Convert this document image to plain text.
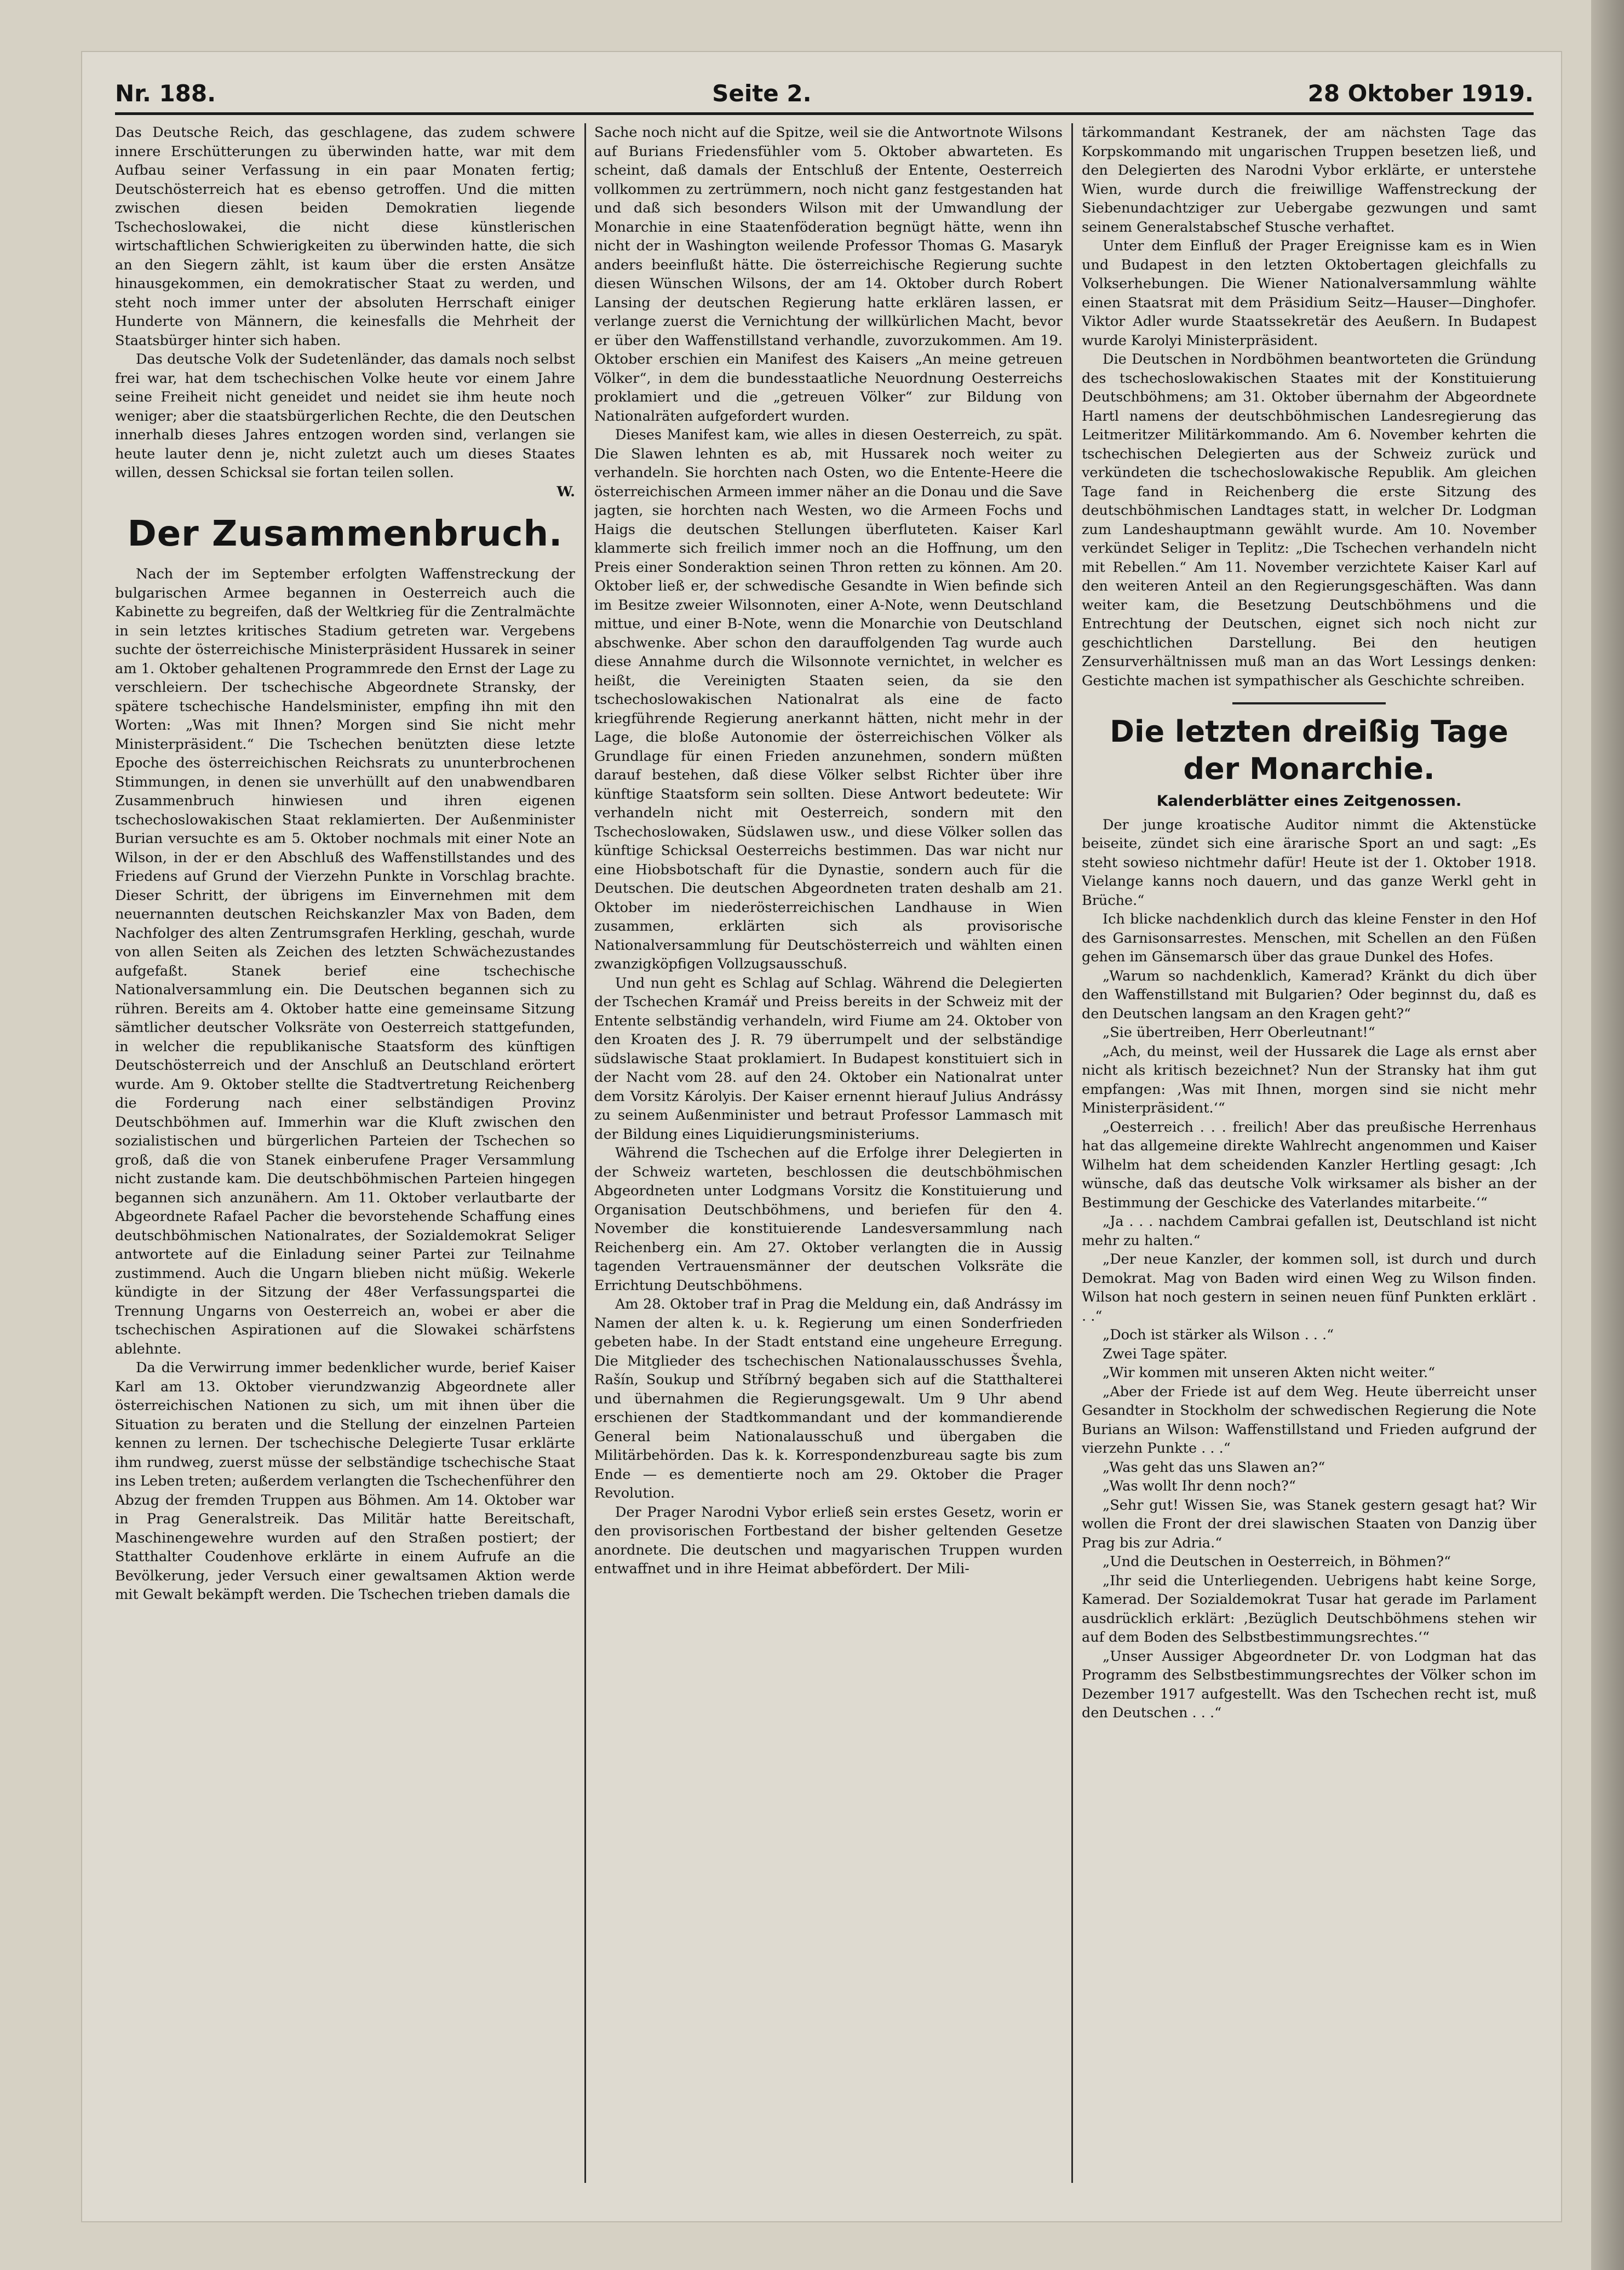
Nr. 188.	Seite 2.	28 Oktober 1919.

Das Deutsche Reich, das geschlagene, das zudem schwere innere Erschütterungen zu überwinden hatte, war mit dem Aufbau seiner Verfassung in ein paar Monaten fertig; Deutschösterreich hat es ebenso getroffen. Und die mitten zwischen diesen beiden Demokratien liegende Tschechoslowakei, die nicht diese künstlerischen wirtschaftlichen Schwierigkeiten zu überwinden hatte, die sich an den Siegern zählt, ist kaum über die ersten Ansätze hinausgekommen, ein demokratischer Staat zu werden, und steht noch immer unter der absoluten Herrschaft einiger Hunderte von Männern, die keinesfalls die Mehrheit der Staatsbürger hinter sich haben.

Das deutsche Volk der Sudetenländer, das damals noch selbst frei war, hat dem tschechischen Volke heute vor einem Jahre seine Freiheit nicht geneidet und neidet sie ihm heute noch weniger; aber die staatsbürgerlichen Rechte, die den Deutschen innerhalb dieses Jahres entzogen worden sind, verlangen sie heute lauter denn je, nicht zuletzt auch um dieses Staates willen, dessen Schicksal sie fortan teilen sollen.

W.
Der Zusammenbruch.

Nach der im September erfolgten Waffenstreckung der bulgarischen Armee begannen in Oesterreich auch die Kabinette zu begreifen, daß der Weltkrieg für die Zentralmächte in sein letztes kritisches Stadium getreten war. Vergebens suchte der österreichische Ministerpräsident Hussarek in seiner am 1. Oktober gehaltenen Programmrede den Ernst der Lage zu verschleiern. Der tschechische Abgeordnete Stransky, der spätere tschechische Handelsminister, empfing ihn mit den Worten: „Was mit Ihnen? Morgen sind Sie nicht mehr Ministerpräsident.“ Die Tschechen benützten diese letzte Epoche des österreichischen Reichsrats zu ununterbrochenen Stimmungen, in denen sie unverhüllt auf den unabwendbaren Zusammenbruch hinwiesen und ihren eigenen tschechoslowakischen Staat reklamierten. Der Außenminister Burian versuchte es am 5. Oktober nochmals mit einer Note an Wilson, in der er den Abschluß des Waffenstillstandes und des Friedens auf Grund der Vierzehn Punkte in Vorschlag brachte. Dieser Schritt, der übrigens im Einvernehmen mit dem neuernannten deutschen Reichskanzler Max von Baden, dem Nachfolger des alten Zentrumsgrafen Herkling, geschah, wurde von allen Seiten als Zeichen des letzten Schwächezustandes aufgefaßt. Stanek berief eine tschechische Nationalversammlung ein. Die Deutschen begannen sich zu rühren. Bereits am 4. Oktober hatte eine gemeinsame Sitzung sämtlicher deutscher Volksräte von Oesterreich stattgefunden, in welcher die republikanische Staatsform des künftigen Deutschösterreich und der Anschluß an Deutschland erörtert wurde. Am 9. Oktober stellte die Stadtvertretung Reichenberg die Forderung nach einer selbständigen Provinz Deutschböhmen auf. Immerhin war die Kluft zwischen den sozialistischen und bürgerlichen Parteien der Tschechen so groß, daß die von Stanek einberufene Prager Versammlung nicht zustande kam. Die deutschböhmischen Parteien hingegen begannen sich anzunähern. Am 11. Oktober verlautbarte der Abgeordnete Rafael Pacher die bevorstehende Schaffung eines deutschböhmischen Nationalrates, der Sozialdemokrat Seliger antwortete auf die Einladung seiner Partei zur Teilnahme zustimmend. Auch die Ungarn blieben nicht müßig. Wekerle kündigte in der Sitzung der 48er Verfassungspartei die Trennung Ungarns von Oesterreich an, wobei er aber die tschechischen Aspirationen auf die Slowakei schärfstens ablehnte.

Da die Verwirrung immer bedenklicher wurde, berief Kaiser Karl am 13. Oktober vierundzwanzig Abgeordnete aller österreichischen Nationen zu sich, um mit ihnen über die Situation zu beraten und die Stellung der einzelnen Parteien kennen zu lernen. Der tschechische Delegierte Tusar erklärte ihm rundweg, zuerst müsse der selbständige tschechische Staat ins Leben treten; außerdem verlangten die Tschechenführer den Abzug der fremden Truppen aus Böhmen. Am 14. Oktober war in Prag Generalstreik. Das Militär hatte Bereitschaft, Maschinengewehre wurden auf den Straßen postiert; der Statthalter Coudenhove erklärte in einem Aufrufe an die Bevölkerung, jeder Versuch einer gewaltsamen Aktion werde mit Gewalt bekämpft werden. Die Tschechen trieben damals die

Sache noch nicht auf die Spitze, weil sie die Antwortnote Wilsons auf Burians Friedensfühler vom 5. Oktober abwarteten. Es scheint, daß damals der Entschluß der Entente, Oesterreich vollkommen zu zertrümmern, noch nicht ganz festgestanden hat und daß sich besonders Wilson mit der Umwandlung der Monarchie in eine Staatenföderation begnügt hätte, wenn ihn nicht der in Washington weilende Professor Thomas G. Masaryk anders beeinflußt hätte. Die österreichische Regierung suchte diesen Wünschen Wilsons, der am 14. Oktober durch Robert Lansing der deutschen Regierung hatte erklären lassen, er verlange zuerst die Vernichtung der willkürlichen Macht, bevor er über den Waffenstillstand verhandle, zuvorzukommen. Am 19. Oktober erschien ein Manifest des Kaisers „An meine getreuen Völker“, in dem die bundesstaatliche Neuordnung Oesterreichs proklamiert und die „getreuen Völker“ zur Bildung von Nationalräten aufgefordert wurden.

Dieses Manifest kam, wie alles in diesen Oesterreich, zu spät. Die Slawen lehnten es ab, mit Hussarek noch weiter zu verhandeln. Sie horchten nach Osten, wo die Entente-Heere die österreichischen Armeen immer näher an die Donau und die Save jagten, sie horchten nach Westen, wo die Armeen Fochs und Haigs die deutschen Stellungen überfluteten. Kaiser Karl klammerte sich freilich immer noch an die Hoffnung, um den Preis einer Sonderaktion seinen Thron retten zu können. Am 20. Oktober ließ er, der schwedische Gesandte in Wien befinde sich im Besitze zweier Wilsonnoten, einer A-Note, wenn Deutschland mittue, und einer B-Note, wenn die Monarchie von Deutschland abschwenke. Aber schon den darauffolgenden Tag wurde auch diese Annahme durch die Wilsonnote vernichtet, in welcher es heißt, die Vereinigten Staaten seien, da sie den tschechoslowakischen Nationalrat als eine de facto kriegführende Regierung anerkannt hätten, nicht mehr in der Lage, die bloße Autonomie der österreichischen Völker als Grundlage für einen Frieden anzunehmen, sondern müßten darauf bestehen, daß diese Völker selbst Richter über ihre künftige Staatsform sein sollten. Diese Antwort bedeutete: Wir verhandeln nicht mit Oesterreich, sondern mit den Tschechoslowaken, Südslawen usw., und diese Völker sollen das künftige Schicksal Oesterreichs bestimmen. Das war nicht nur eine Hiobsbotschaft für die Dynastie, sondern auch für die Deutschen. Die deutschen Abgeordneten traten deshalb am 21. Oktober im niederösterreichischen Landhause in Wien zusammen, erklärten sich als provisorische Nationalversammlung für Deutschösterreich und wählten einen zwanzigköpfigen Vollzugsausschuß.

Und nun geht es Schlag auf Schlag. Während die Delegierten der Tschechen Kramář und Preiss bereits in der Schweiz mit der Entente selbständig verhandeln, wird Fiume am 24. Oktober von den Kroaten des J. R. 79 überrumpelt und der selbständige südslawische Staat proklamiert. In Budapest konstituiert sich in der Nacht vom 28. auf den 24. Oktober ein Nationalrat unter dem Vorsitz Károlyis. Der Kaiser ernennt hierauf Julius Andrássy zu seinem Außenminister und betraut Professor Lammasch mit der Bildung eines Liquidierungsministeriums.

Während die Tschechen auf die Erfolge ihrer Delegierten in der Schweiz warteten, beschlossen die deutschböhmischen Abgeordneten unter Lodgmans Vorsitz die Konstituierung und Organisation Deutschböhmens, und beriefen für den 4. November die konstituierende Landesversammlung nach Reichenberg ein. Am 27. Oktober verlangten die in Aussig tagenden Vertrauensmänner der deutschen Volksräte die Errichtung Deutschböhmens.

Am 28. Oktober traf in Prag die Meldung ein, daß Andrássy im Namen der alten k. u. k. Regierung um einen Sonderfrieden gebeten habe. In der Stadt entstand eine ungeheure Erregung. Die Mitglieder des tschechischen Nationalausschusses Švehla, Rašín, Soukup und Stříbrný begaben sich auf die Statthalterei und übernahmen die Regierungsgewalt. Um 9 Uhr abend erschienen der Stadtkommandant und der kommandierende General beim Nationalausschuß und übergaben die Militärbehörden. Das k. k. Korrespondenzbureau sagte bis zum Ende — es dementierte noch am 29. Oktober die Prager Revolution.

Der Prager Narodni Vybor erließ sein erstes Gesetz, worin er den provisorischen Fortbestand der bisher geltenden Gesetze anordnete. Die deutschen und magyarischen Truppen wurden entwaffnet und in ihre Heimat abbefördert. Der Mili-

tärkommandant Kestranek, der am nächsten Tage das Korpskommando mit ungarischen Truppen besetzen ließ, und den Delegierten des Narodni Vybor erklärte, er unterstehe Wien, wurde durch die freiwillige Waffenstreckung der Siebenundachtziger zur Uebergabe gezwungen und samt seinem Generalstabschef Stusche verhaftet.

Unter dem Einfluß der Prager Ereignisse kam es in Wien und Budapest in den letzten Oktobertagen gleichfalls zu Volkserhebungen. Die Wiener Nationalversammlung wählte einen Staatsrat mit dem Präsidium Seitz—Hauser—Dinghofer. Viktor Adler wurde Staatssekretär des Aeußern. In Budapest wurde Karolyi Ministerpräsident.

Die Deutschen in Nordböhmen beantworteten die Gründung des tschechoslowakischen Staates mit der Konstituierung Deutschböhmens; am 31. Oktober übernahm der Abgeordnete Hartl namens der deutschböhmischen Landesregierung das Leitmeritzer Militärkommando. Am 6. November kehrten die tschechischen Delegierten aus der Schweiz zurück und verkündeten die tschechoslowakische Republik. Am gleichen Tage fand in Reichenberg die erste Sitzung des deutschböhmischen Landtages statt, in welcher Dr. Lodgman zum Landeshauptmann gewählt wurde. Am 10. November verkündet Seliger in Teplitz: „Die Tschechen verhandeln nicht mit Rebellen.“ Am 11. November verzichtete Kaiser Karl auf den weiteren Anteil an den Regierungsgeschäften. Was dann weiter kam, die Besetzung Deutschböhmens und die Entrechtung der Deutschen, eignet sich noch nicht zur geschichtlichen Darstellung. Bei den heutigen Zensurverhältnissen muß man an das Wort Lessings denken: Gestichte machen ist sympathischer als Geschichte schreiben.

Die letzten dreißig Tage der Monarchie.
Kalenderblätter eines Zeitgenossen.

Der junge kroatische Auditor nimmt die Aktenstücke beiseite, zündet sich eine ärarische Sport an und sagt: „Es steht sowieso nichtmehr dafür! Heute ist der 1. Oktober 1918. Vielange kanns noch dauern, und das ganze Werkl geht in Brüche.“

Ich blicke nachdenklich durch das kleine Fenster in den Hof des Garnisonsarrestes. Menschen, mit Schellen an den Füßen gehen im Gänsemarsch über das graue Dunkel des Hofes.

„Warum so nachdenklich, Kamerad? Kränkt du dich über den Waffenstillstand mit Bulgarien? Oder beginnst du, daß es den Deutschen langsam an den Kragen geht?“

„Sie übertreiben, Herr Oberleutnant!“

„Ach, du meinst, weil der Hussarek die Lage als ernst aber nicht als kritisch bezeichnet? Nun der Stransky hat ihm gut empfangen: ‚Was mit Ihnen, morgen sind sie nicht mehr Ministerpräsident.‘“

„Oesterreich . . . freilich! Aber das preußische Herrenhaus hat das allgemeine direkte Wahlrecht angenommen und Kaiser Wilhelm hat dem scheidenden Kanzler Hertling gesagt: ‚Ich wünsche, daß das deutsche Volk wirksamer als bisher an der Bestimmung der Geschicke des Vaterlandes mitarbeite.‘“

„Ja . . . nachdem Cambrai gefallen ist, Deutschland ist nicht mehr zu halten.“

„Der neue Kanzler, der kommen soll, ist durch und durch Demokrat. Mag von Baden wird einen Weg zu Wilson finden. Wilson hat noch gestern in seinen neuen fünf Punkten erklärt . . .“

„Doch ist stärker als Wilson . . .“

Zwei Tage später.

„Wir kommen mit unseren Akten nicht weiter.“

„Aber der Friede ist auf dem Weg. Heute überreicht unser Gesandter in Stockholm der schwedischen Regierung die Note Burians an Wilson: Waffenstillstand und Frieden aufgrund der vierzehn Punkte . . .“

„Was geht das uns Slawen an?“

„Was wollt Ihr denn noch?“

„Sehr gut! Wissen Sie, was Stanek gestern gesagt hat? Wir wollen die Front der drei slawischen Staaten von Danzig über Prag bis zur Adria.“

„Und die Deutschen in Oesterreich, in Böhmen?“

„Ihr seid die Unterliegenden. Uebrigens habt keine Sorge, Kamerad. Der Sozialdemokrat Tusar hat gerade im Parlament ausdrücklich erklärt: ‚Bezüglich Deutschböhmens stehen wir auf dem Boden des Selbstbestimmungsrechtes.‘“

„Unser Aussiger Abgeordneter Dr. von Lodgman hat das Programm des Selbstbestimmungsrechtes der Völker schon im Dezember 1917 aufgestellt. Was den Tschechen recht ist, muß den Deutschen . . .“
